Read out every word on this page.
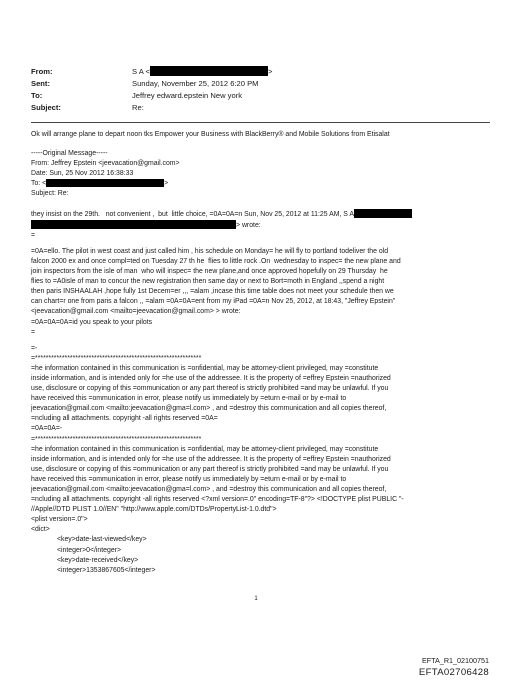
From:	S A <	>
Sent:	Sunday, November 25, 2012 6:20 PM
To:	Jeffrey edward.epstein New york
Subject:	Re:

Ok will arrange plane to depart noon tks Empower your Business with BlackBerry® and Mobile Solutions from Etisalat

-----Original Message-----

From: Jeffrey Epstein <jeevacation@gmail.com>

Date: Sun, 25 Nov 2012 16:38:33

To: <	>

Subject: Re:

they insist on the 29th.   not convenient ,  but  little choice, =0A=0A=n Sun, Nov 25, 2012 at 11:25 AM, S A

> wrote:

=

=0A=ello. The pilot in west coast and just called him , his schedule on Monday= he will fly to portland todeliver the old

falcon 2000 ex and once compl=ted on Tuesday 27 th he  flies to little rock .On  wednesday to inspec= the new plane and

join inspectors from the isle of man  who will inspec= the new plane,and once approved hopefully on 29 Thursday  he

flies to =A0isle of man to concur the new registration then same day or next to Bort=moth in England ,,spend a night

then paris INSHAALAH ,hope fully 1st Decem=er ,,, =alam ,incase this time table does not meet your schedule then we

can chart=r one from paris a falcon ,, =alam =0A=0A=ent from my iPad =0A=n Nov 25, 2012, at 18:43, "Jeffrey Epstein"

<jeevacation@gmail.com <mailto=jeevacation@gmail.com> > wrote:

=0A=0A=0A=id you speak to your pilots

=

=-

=**************************************************************

=he information contained in this communication is =onfidential, may be attorney-client privileged, may =constitute

inside information, and is intended only for =he use of the addressee. It is the property of =effrey Epstein =nauthorized

use, disclosure or copying of this =ommunication or any part thereof is strictly prohibited =and may be unlawful. If you

have received this =ommunication in error, please notify us immediately by =eturn e-mail or by e-mail to

jeevacation@gmail.com <mailto:jeevacation@gma=l.com> , and =destroy this communication and all copies thereof,

=ncluding all attachments. copyright -all rights reserved =0A=

=0A=0A=-

=**************************************************************

=he information contained in this communication is =onfidential, may be attorney-client privileged, may =constitute

inside information, and is intended only for =he use of the addressee. It is the property of =effrey Epstein =nauthorized

use, disclosure or copying of this =ommunication or any part thereof is strictly prohibited =and may be unlawful. If you

have received this =ommunication in error, please notify us immediately by =eturn e-mail or by e-mail to

jeevacation@gmail.com <mailto:jeevacation@gma=l.com> , and =destroy this communication and all copies thereof,

=ncluding all attachments. copyright -all rights reserved <?xml version=.0" encoding=TF-8"?> <!DOCTYPE plist PUBLIC "-

//Apple//DTD PLIST 1.0//EN" "http://www.apple.com/DTDs/PropertyList-1.0.dtd">

<plist version=.0">

<dict>

<key>date-last-viewed</key>

<integer>0</integer>

<key>date-received</key>

<integer>1353867605</integer>

1
EFTA_R1_02100751
EFTA02706428
